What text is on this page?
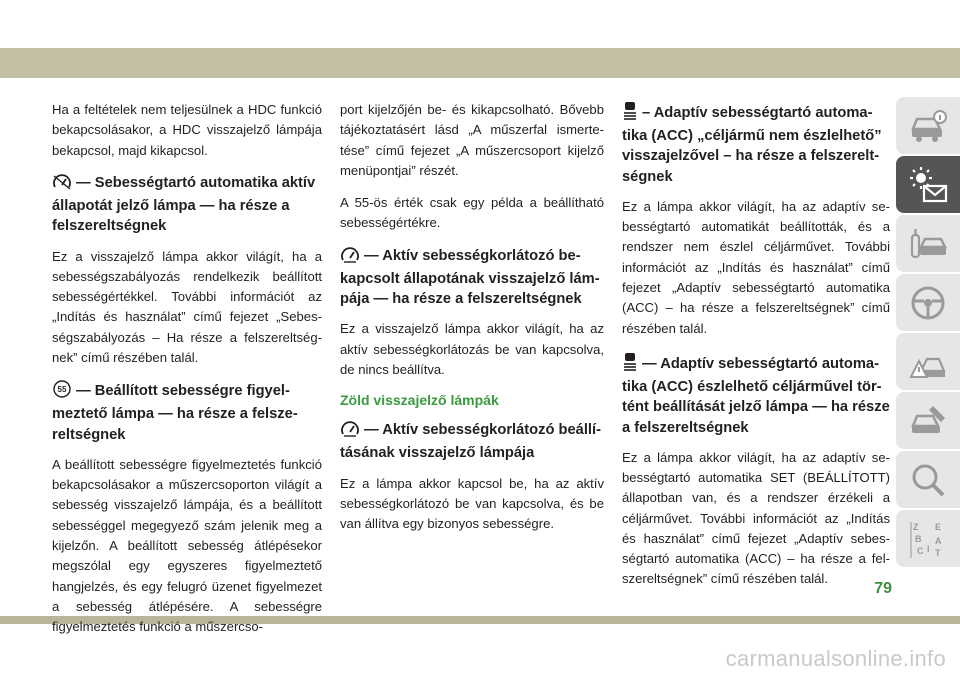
Ha a feltételek nem teljesülnek a HDC funkció bekapcsolásakor, a HDC visszajelző lámpája bekapcsol, majd kikapcsol.

— Sebességtartó automatika aktív állapotát jelző lámpa — ha része a felszereltségnek

Ez a visszajelző lámpa akkor világít, ha a sebességszabályozás rendelkezik beállított sebességértékkel. További információt az „Indítás és használat” című fejezet „Sebességszabályozás – Ha része a felszereltségnek” című részében talál.

55 — Beállított sebességre figyelmeztető lámpa — ha része a felszereltségnek

A beállított sebességre figyelmeztetés funkció bekapcsolásakor a műszercsoporton világít a sebesség visszajelző lámpája, és a beállított sebességgel megegyező szám jelenik meg a kijelzőn. A beállított sebesség átlépésekor megszólal egy egyszeres figyelmeztető hangjelzés, és egy felugró üzenet figyelmezet a sebesség átlépésére. A sebességre figyelmeztetés funkció a műszercso-

port kijelzőjén be- és kikapcsolható. Bővebb tájékoztatásért lásd „A műszerfal ismertetése” című fejezet „A műszercsoport kijelző menüpontjai” részét.

A 55-ös érték csak egy példa a beállítható sebességértékre.

— Aktív sebességkorlátozó bekapcsolt állapotának visszajelző lámpája — ha része a felszereltségnek

Ez a visszajelző lámpa akkor világít, ha az aktív sebességkorlátozás be van kapcsolva, de nincs beállítva.

Zöld visszajelző lámpák
— Aktív sebességkorlátozó beállításának visszajelző lámpája

Ez a lámpa akkor kapcsol be, ha az aktív sebességkorlátozó be van kapcsolva, és be van állítva egy bizonyos sebességre.

– Adaptív sebességtartó automatika (ACC) „céljármű nem észlelhető” visszajelzővel – ha része a felszereltségnek

Ez a lámpa akkor világít, ha az adaptív sebességtartó automatikát beállították, és a rendszer nem észlel céljárművet. További információt az „Indítás és használat” című fejezet „Adaptív sebességtartó automatika (ACC) – ha része a felszereltségnek” című részében talál.

— Adaptív sebességtartó automatika (ACC) észlelhető céljárművel történt beállítását jelző lámpa — ha része a felszereltségnek

Ez a lámpa akkor világít, ha az adaptív sebességtartó automatika SET (BEÁLLÍTOTT) állapotban van, és a rendszer érzékeli a céljárművet. További információt az „Indítás és használat” című fejezet „Adaptív sebességtartó automatika (ACC) – ha része a felszereltségnek” című részében talál.

Z E
B A
C I T
79
carmanualsonline.info
